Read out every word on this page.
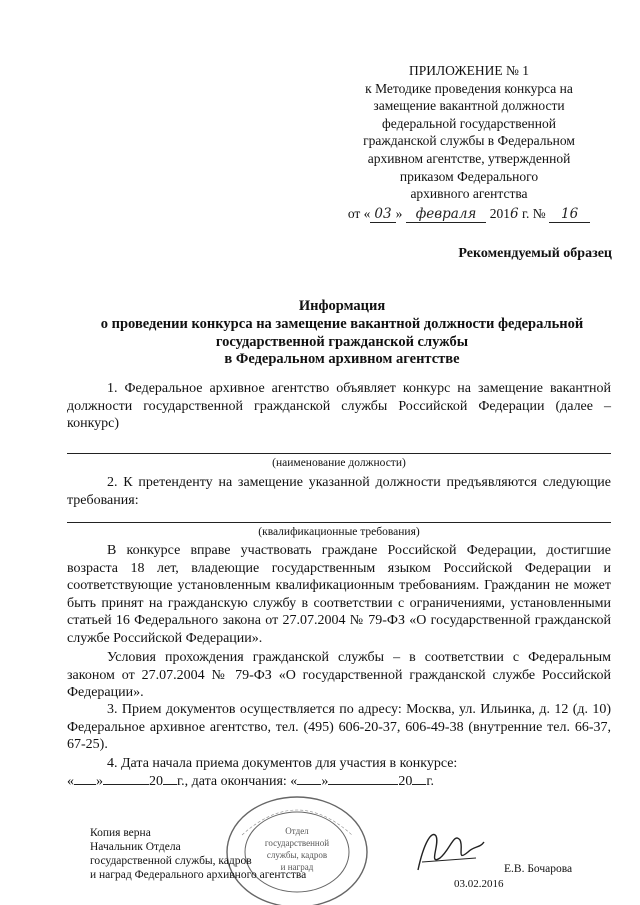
ПРИЛОЖЕНИЕ № 1
к Методике проведения конкурса на
замещение вакантной должности
федеральной государственной
гражданской службы в Федеральном
архивном агентстве, утвержденной
приказом Федерального
архивного агентства
от « 03 » февраля 2016 г. № 16
Рекомендуемый образец
Информация
о проведении конкурса на замещение вакантной должности федеральной
государственной гражданской службы
в Федеральном архивном агентстве
1. Федеральное архивное агентство объявляет конкурс на замещение вакантной должности государственной гражданской службы Российской Федерации (далее – конкурс)
(наименование должности)
2. К претенденту на замещение указанной должности предъявляются следующие требования:
(квалификационные требования)
В конкурсе вправе участвовать граждане Российской Федерации, достигшие возраста 18 лет, владеющие государственным языком Российской Федерации и соответствующие установленным квалификационным требованиям. Гражданин не может быть принят на гражданскую службу в соответствии с ограничениями, установленными статьей 16 Федерального закона от 27.07.2004 № 79-ФЗ «О государственной гражданской службе Российской Федерации».
Условия прохождения гражданской службы – в соответствии с Федеральным законом от 27.07.2004 № 79-ФЗ «О государственной гражданской службе Российской Федерации».
3. Прием документов осуществляется по адресу: Москва, ул. Ильинка, д. 12 (д. 10) Федеральное архивное агентство, тел. (495) 606-20-37, 606-49-38 (внутренние тел. 66-37, 67-25).
4. Дата начала приема документов для участия в конкурсе:
« »	20 г., дата окончания: « »	20 г.
Отдел
государственной
службы, кадров
и наград
Копия верна
Начальник Отдела
государственной службы, кадров
и наград Федерального архивного агентства	Е.В. Бочарова
03.02.2016
